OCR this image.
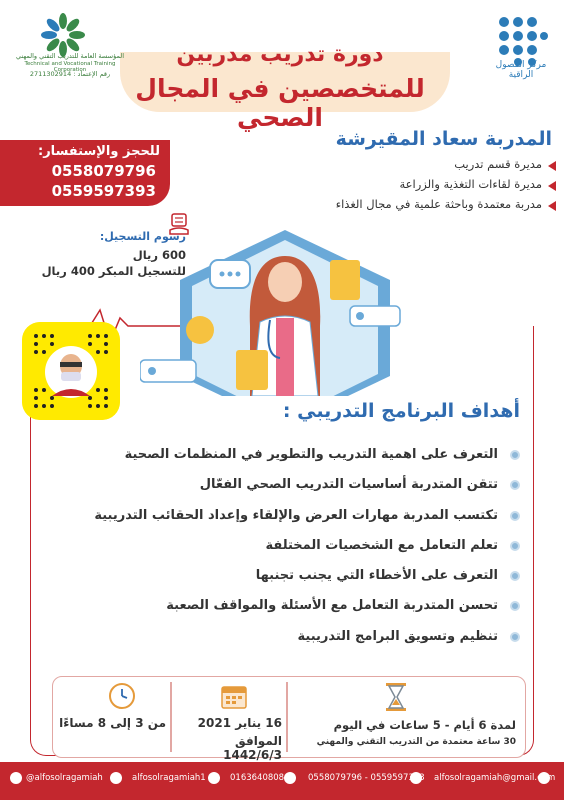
دورة تدريب مدربين
للمتخصصين في المجال الصحي
مركز الفصول الراقية
المؤسسة العامة للتدريب التقني والمهني
Technical and Vocational Training Corporation
رقم الإعتماد : 2711302914
المدربة سعاد المقيرشة
مديرة قسم تدريب
مديرة لقاءات التغذية والزراعة
مدربة معتمدة وباحثة علمية في مجال الغذاء
للحجز والإستفسار:
0558079796
0559597393
رسوم التسجيل:
600 ريال
للتسجيل المبكر 400 ريال
أهداف البرنامج التدريبي :
التعرف على اهمية التدريب والتطوير في المنظمات الصحية
تتقن المتدربة أساسيات التدريب الصحي الفعّال
تكتسب المدربة مهارات العرض والإلقاء وإعداد الحقائب التدريبية
تعلم التعامل مع الشخصيات المختلفة
التعرف على الأخطاء التي يجنب تجنبها
تحسن المتدربة التعامل مع الأسئلة والمواقف الصعبة
تنظيم وتسويق البرامج التدريبية
لمدة 6 أيام - 5 ساعات في اليوم
30 ساعة معتمدة من التدريب التقني والمهني
16 يناير 2021
الموافق 1442/6/3
من 3 إلى 8 مساءًا
alfosolragamiah@gmail.com
0558079796 - 0559597393
0163640808
alfosolragamiah1
@alfosolragamiah
